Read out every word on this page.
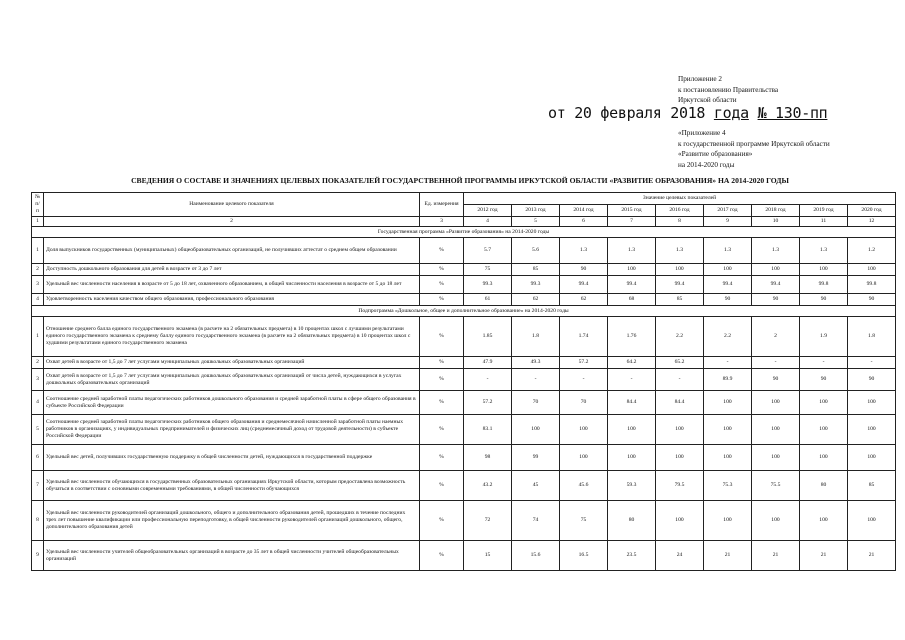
Приложение 2
к постановлению Правительства
Иркутской области
от 20 февраля 2018 года № 130-пп
«Приложение 4
к государственной программе Иркутской области
«Развитие образования»
на 2014-2020 годы
СВЕДЕНИЯ О СОСТАВЕ И ЗНАЧЕНИЯХ ЦЕЛЕВЫХ ПОКАЗАТЕЛЕЙ ГОСУДАРСТВЕННОЙ ПРОГРАММЫ ИРКУТСКОЙ ОБЛАСТИ «РАЗВИТИЕ ОБРАЗОВАНИЯ» НА 2014-2020 ГОДЫ
№ п/п	Наименование целевого показателя	Ед. измерения	Значение целевых показателей								
			2012 год	2013 год	2014 год	2015 год	2016 год	2017 год	2018 год	2019 год	2020 год
1	2	3	4	5	6	7	8	9	10	11	12
Государственная программа «Развитие образования» на 2014-2020 годы											
1	Доля выпускников государственных (муниципальных) общеобразовательных организаций, не получивших аттестат о среднем общем образовании	%	5.7	5.6	1.3	1.3	1.3	1.3	1.3	1.3	1.2
2	Доступность дошкольного образования для детей в возрасте от 3 до 7 лет	%	75	85	90	100	100	100	100	100	100
3	Удельный вес численности населения в возрасте от 5 до 18 лет, охваченного образованием, в общей численности населения в возрасте от 5 до 18 лет	%	99.3	99.3	99.4	99.4	99.4	99.4	99.4	99.8	99.8
4	Удовлетворенность населения качеством общего образования, профессионального образования	%	61	62	62	68	85	90	90	90	90
Подпрограмма «Дошкольное, общее и дополнительное образование» на 2014-2020 годы											
1	Отношение среднего балла единого государственного экзамена (в расчете на 2 обязательных предмета) в 10 процентах школ с лучшими результатами единого государственного экзамена к среднему баллу единого государственного экзамена (в расчете на 2 обязательных предмета) в 10 процентах школ с худшими результатами единого государственного экзамена	%	1.85	1.8	1.74	1.76	2.2	2.2	2	1.9	1.8
2	Охват детей в возрасте от 1,5 до 7 лет услугами муниципальных дошкольных образовательных организаций	%	47.9	49.3	57.2	64.2	65.2	-	-	-	-
3	Охват детей в возрасте от 1,5 до 7 лет услугами муниципальных дошкольных образовательных организаций от числа детей, нуждающихся в услугах дошкольных образовательных организаций	%	-	-	-	-	-	89.9	90	90	90
4	Соотношение средней заработной платы педагогических работников дошкольного образования и средней заработной платы в сфере общего образования в субъекте Российской Федерации	%	57.2	70	70	84.4	84.4	100	100	100	100
5	Соотношение средней заработной платы педагогических работников общего образования и среднемесячной начисленной заработной платы наемных работников в организациях, у индивидуальных предпринимателей и физических лиц (среднемесячный доход от трудовой деятельности) в субъекте Российской Федерации	%	83.1	100	100	100	100	100	100	100	100
6	Удельный вес детей, получивших государственную поддержку в общей численности детей, нуждающихся в государственной поддержке	%	98	99	100	100	100	100	100	100	100
7	Удельный вес численности обучающихся в государственных образовательных организациях Иркутской области, которым предоставлена возможность обучаться в соответствии с основными современными требованиями, в общей численности обучающихся	%	43.2	45	45.6	59.3	79.5	75.3	75.5	80	85
8	Удельный вес численности руководителей организаций дошкольного, общего и дополнительного образования детей, прошедших в течение последних трех лет повышение квалификации или профессиональную переподготовку, в общей численности руководителей организаций дошкольного, общего, дополнительного образования детей	%	72	74	75	80	100	100	100	100	100
9	Удельный вес численности учителей общеобразовательных организаций в возрасте до 35 лет в общей численности учителей общеобразовательных организаций	%	15	15.6	16.5	23.5	24	21	21	21	21
